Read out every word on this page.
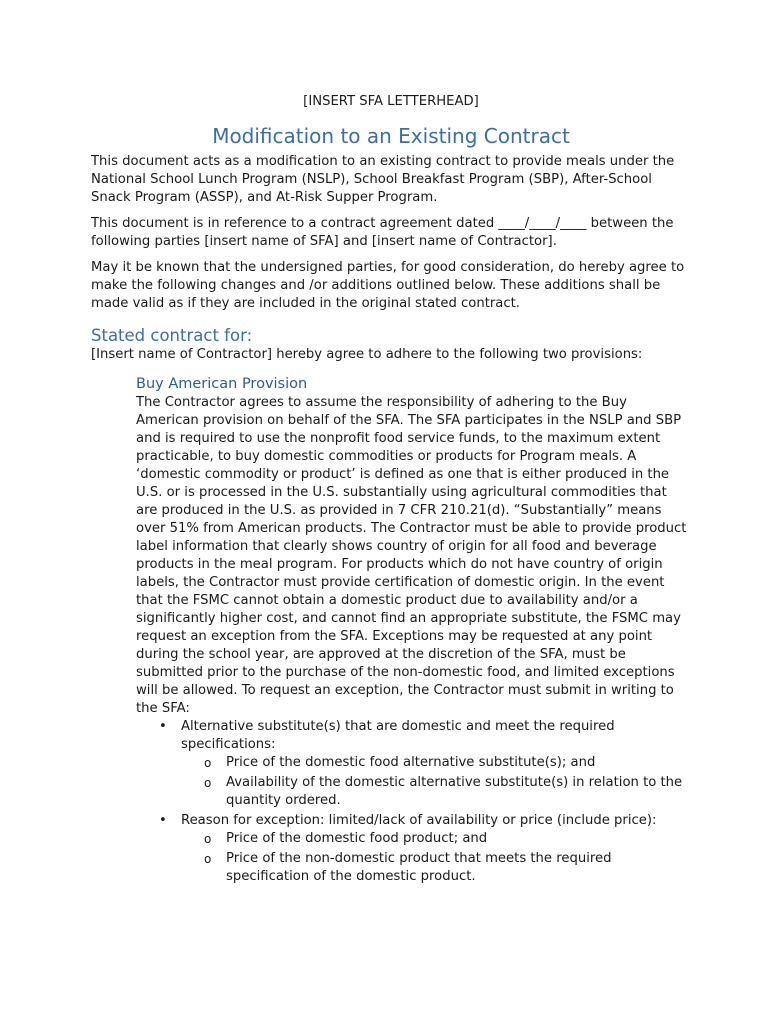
[INSERT SFA LETTERHEAD]

Modification to an Existing Contract

This document acts as a modification to an existing contract to provide meals under the National School Lunch Program (NSLP), School Breakfast Program (SBP), After-School Snack Program (ASSP), and At-Risk Supper Program.

This document is in reference to a contract agreement dated ____/____/____ between the following parties [insert name of SFA] and [insert name of Contractor].

May it be known that the undersigned parties, for good consideration, do hereby agree to make the following changes and /or additions outlined below. These additions shall be made valid as if they are included in the original stated contract.

Stated contract for:

[Insert name of Contractor] hereby agree to adhere to the following two provisions:

Buy American Provision

The Contractor agrees to assume the responsibility of adhering to the Buy American provision on behalf of the SFA. The SFA participates in the NSLP and SBP and is required to use the nonprofit food service funds, to the maximum extent practicable, to buy domestic commodities or products for Program meals. A ‘domestic commodity or product’ is defined as one that is either produced in the U.S. or is processed in the U.S. substantially using agricultural commodities that are produced in the U.S. as provided in 7 CFR 210.21(d). “Substantially” means over 51% from American products. The Contractor must be able to provide product label information that clearly shows country of origin for all food and beverage products in the meal program. For products which do not have country of origin labels, the Contractor must provide certification of domestic origin. In the event that the FSMC cannot obtain a domestic product due to availability and/or a significantly higher cost, and cannot find an appropriate substitute, the FSMC may request an exception from the SFA. Exceptions may be requested at any point during the school year, are approved at the discretion of the SFA, must be submitted prior to the purchase of the non-domestic food, and limited exceptions will be allowed. To request an exception, the Contractor must submit in writing to the SFA:

• Alternative substitute(s) that are domestic and meet the required specifications:
o Price of the domestic food alternative substitute(s); and
o Availability of the domestic alternative substitute(s) in relation to the quantity ordered.
• Reason for exception: limited/lack of availability or price (include price):
o Price of the domestic food product; and
o Price of the non-domestic product that meets the required specification of the domestic product.
